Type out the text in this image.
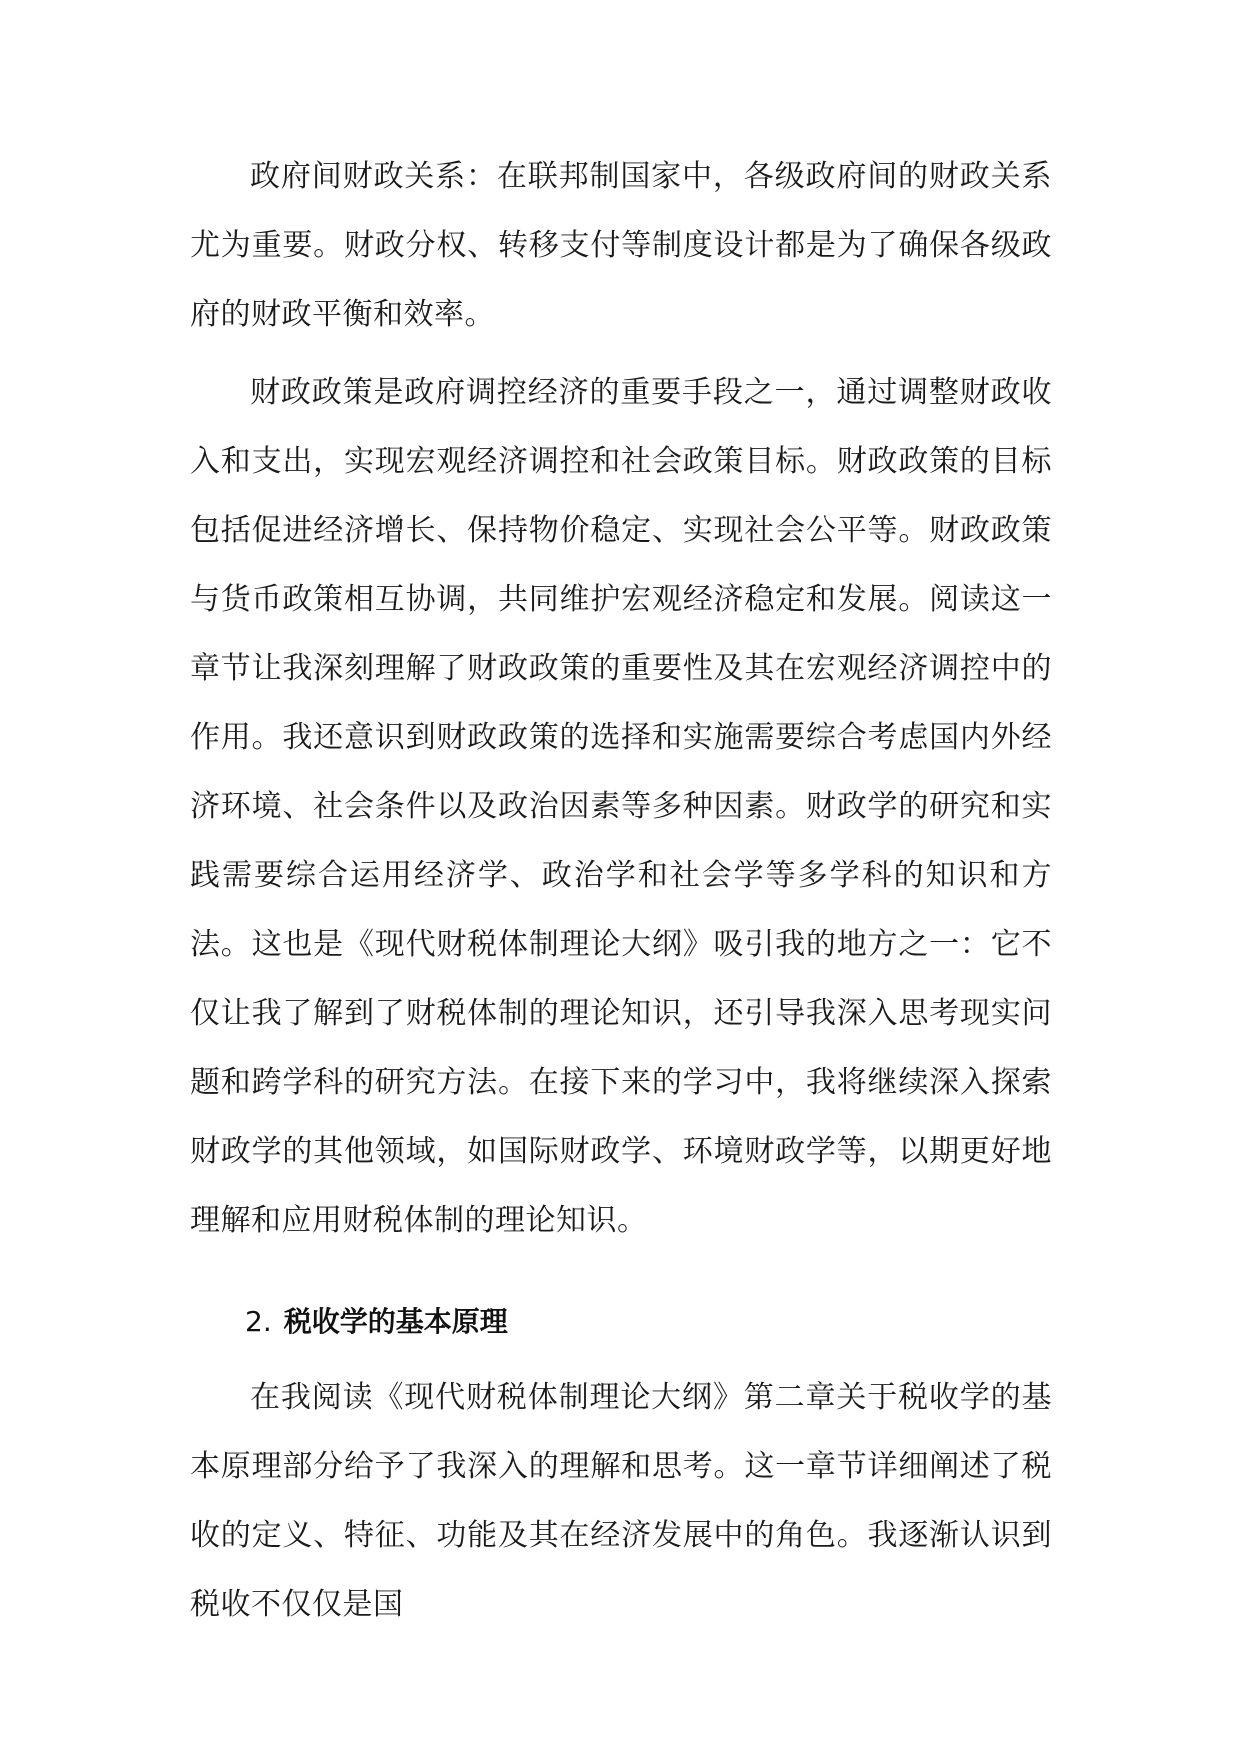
政府间财政关系：在联邦制国家中，各级政府间的财政关系尤为重要。财政分权、转移支付等制度设计都是为了确保各级政府的财政平衡和效率。

财政政策是政府调控经济的重要手段之一，通过调整财政收入和支出，实现宏观经济调控和社会政策目标。财政政策的目标包括促进经济增长、保持物价稳定、实现社会公平等。财政政策与货币政策相互协调，共同维护宏观经济稳定和发展。阅读这一章节让我深刻理解了财政政策的重要性及其在宏观经济调控中的作用。我还意识到财政政策的选择和实施需要综合考虑国内外经济环境、社会条件以及政治因素等多种因素。财政学的研究和实践需要综合运用经济学、政治学和社会学等多学科的知识和方法。这也是《现代财税体制理论大纲》吸引我的地方之一：它不仅让我了解到了财税体制的理论知识，还引导我深入思考现实问题和跨学科的研究方法。在接下来的学习中，我将继续深入探索财政学的其他领域，如国际财政学、环境财政学等，以期更好地理解和应用财税体制的理论知识。

2. 税收学的基本原理

在我阅读《现代财税体制理论大纲》第二章关于税收学的基本原理部分给予了我深入的理解和思考。这一章节详细阐述了税收的定义、特征、功能及其在经济发展中的角色。我逐渐认识到税收不仅仅是国
